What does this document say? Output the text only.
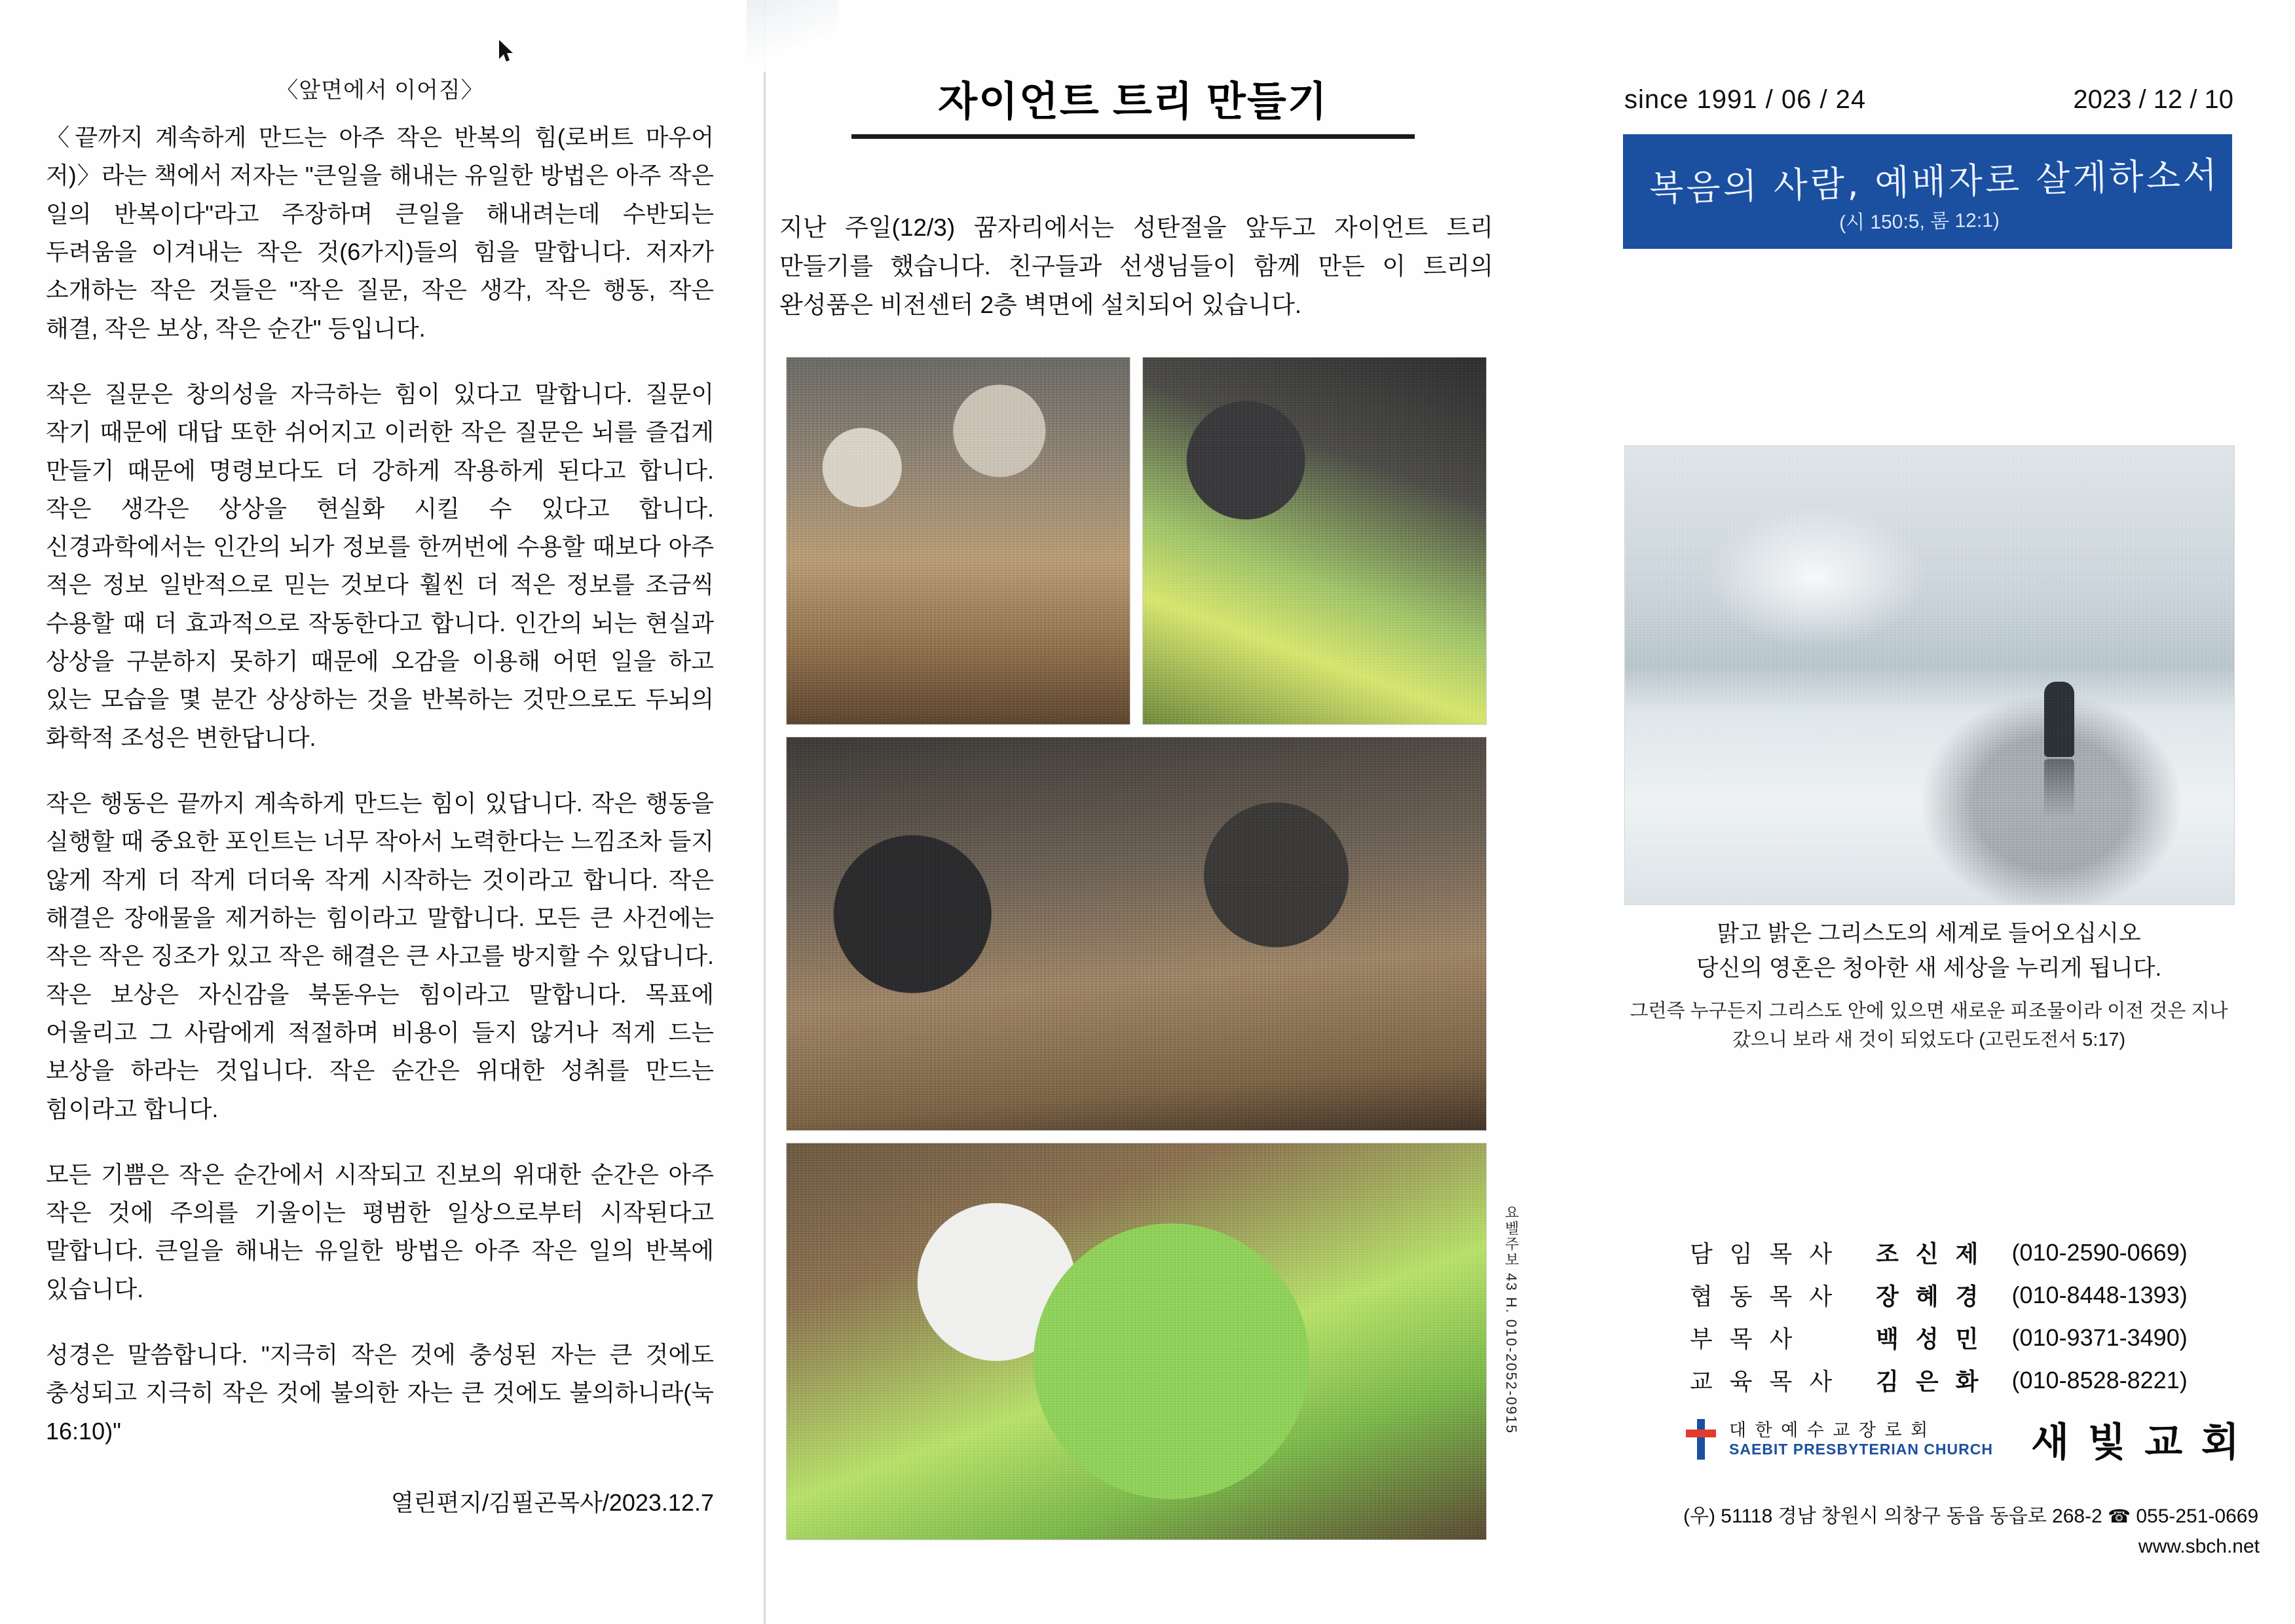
〈앞면에서 이어짐〉

〈끝까지 계속하게 만드는 아주 작은 반복의 힘(로버트 마우어 저)〉라는 책에서 저자는 "큰일을 해내는 유일한 방법은 아주 작은 일의 반복이다"라고 주장하며 큰일을 해내려는데 수반되는 두려움을 이겨내는 작은 것(6가지)들의 힘을 말합니다. 저자가 소개하는 작은 것들은 "작은 질문, 작은 생각, 작은 행동, 작은 해결, 작은 보상, 작은 순간" 등입니다.

작은 질문은 창의성을 자극하는 힘이 있다고 말합니다. 질문이 작기 때문에 대답 또한 쉬어지고 이러한 작은 질문은 뇌를 즐겁게 만들기 때문에 명령보다도 더 강하게 작용하게 된다고 합니다. 작은 생각은 상상을 현실화 시킬 수 있다고 합니다. 신경과학에서는 인간의 뇌가 정보를 한꺼번에 수용할 때보다 아주 적은 정보 일반적으로 믿는 것보다 훨씬 더 적은 정보를 조금씩 수용할 때 더 효과적으로 작동한다고 합니다. 인간의 뇌는 현실과 상상을 구분하지 못하기 때문에 오감을 이용해 어떤 일을 하고 있는 모습을 몇 분간 상상하는 것을 반복하는 것만으로도 두뇌의 화학적 조성은 변한답니다.

작은 행동은 끝까지 계속하게 만드는 힘이 있답니다. 작은 행동을 실행할 때 중요한 포인트는 너무 작아서 노력한다는 느낌조차 들지 않게 작게 더 작게 더더욱 작게 시작하는 것이라고 합니다. 작은 해결은 장애물을 제거하는 힘이라고 말합니다. 모든 큰 사건에는 작은 작은 징조가 있고 작은 해결은 큰 사고를 방지할 수 있답니다. 작은 보상은 자신감을 북돋우는 힘이라고 말합니다. 목표에 어울리고 그 사람에게 적절하며 비용이 들지 않거나 적게 드는 보상을 하라는 것입니다. 작은 순간은 위대한 성취를 만드는 힘이라고 합니다.

모든 기쁨은 작은 순간에서 시작되고 진보의 위대한 순간은 아주 작은 것에 주의를 기울이는 평범한 일상으로부터 시작된다고 말합니다. 큰일을 해내는 유일한 방법은 아주 작은 일의 반복에 있습니다.

성경은 말씀합니다. "지극히 작은 것에 충성된 자는 큰 것에도 충성되고 지극히 작은 것에 불의한 자는 큰 것에도 불의하니라(눅 16:10)"

열린편지/김필곤목사/2023.12.7
자이언트 트리 만들기
지난 주일(12/3) 꿈자리에서는 성탄절을 앞두고 자이언트 트리 만들기를 했습니다. 친구들과 선생님들이 함께 만든 이 트리의 완성품은 비전센터 2층 벽면에 설치되어 있습니다.
요벨주보 43 H. 010-2052-0915
since 1991 / 06 / 24	2023 / 12 / 10
복음의 사람, 예배자로 살게하소서
(시 150:5, 롬 12:1)
맑고 밝은 그리스도의 세계로 들어오십시오
당신의 영혼은 청아한 새 세상을 누리게 됩니다.
그런즉 누구든지 그리스도 안에 있으면 새로운 피조물이라 이전 것은 지나갔으니 보라 새 것이 되었도다 (고린도전서 5:17)
담 임 목 사	조 신 제	(010-2590-0669)
협 동 목 사	장 혜 경	(010-8448-1393)
부 목 사	백 성 민	(010-9371-3490)
교 육 목 사	김 은 화	(010-8528-8221)
대 한 예 수 교 장 로 회
SAEBIT PRESBYTERIAN CHURCH 새 빛 교 회
(우) 51118 경남 창원시 의창구 동읍 동읍로 268-2 ☎ 055-251-0669
www.sbch.net
